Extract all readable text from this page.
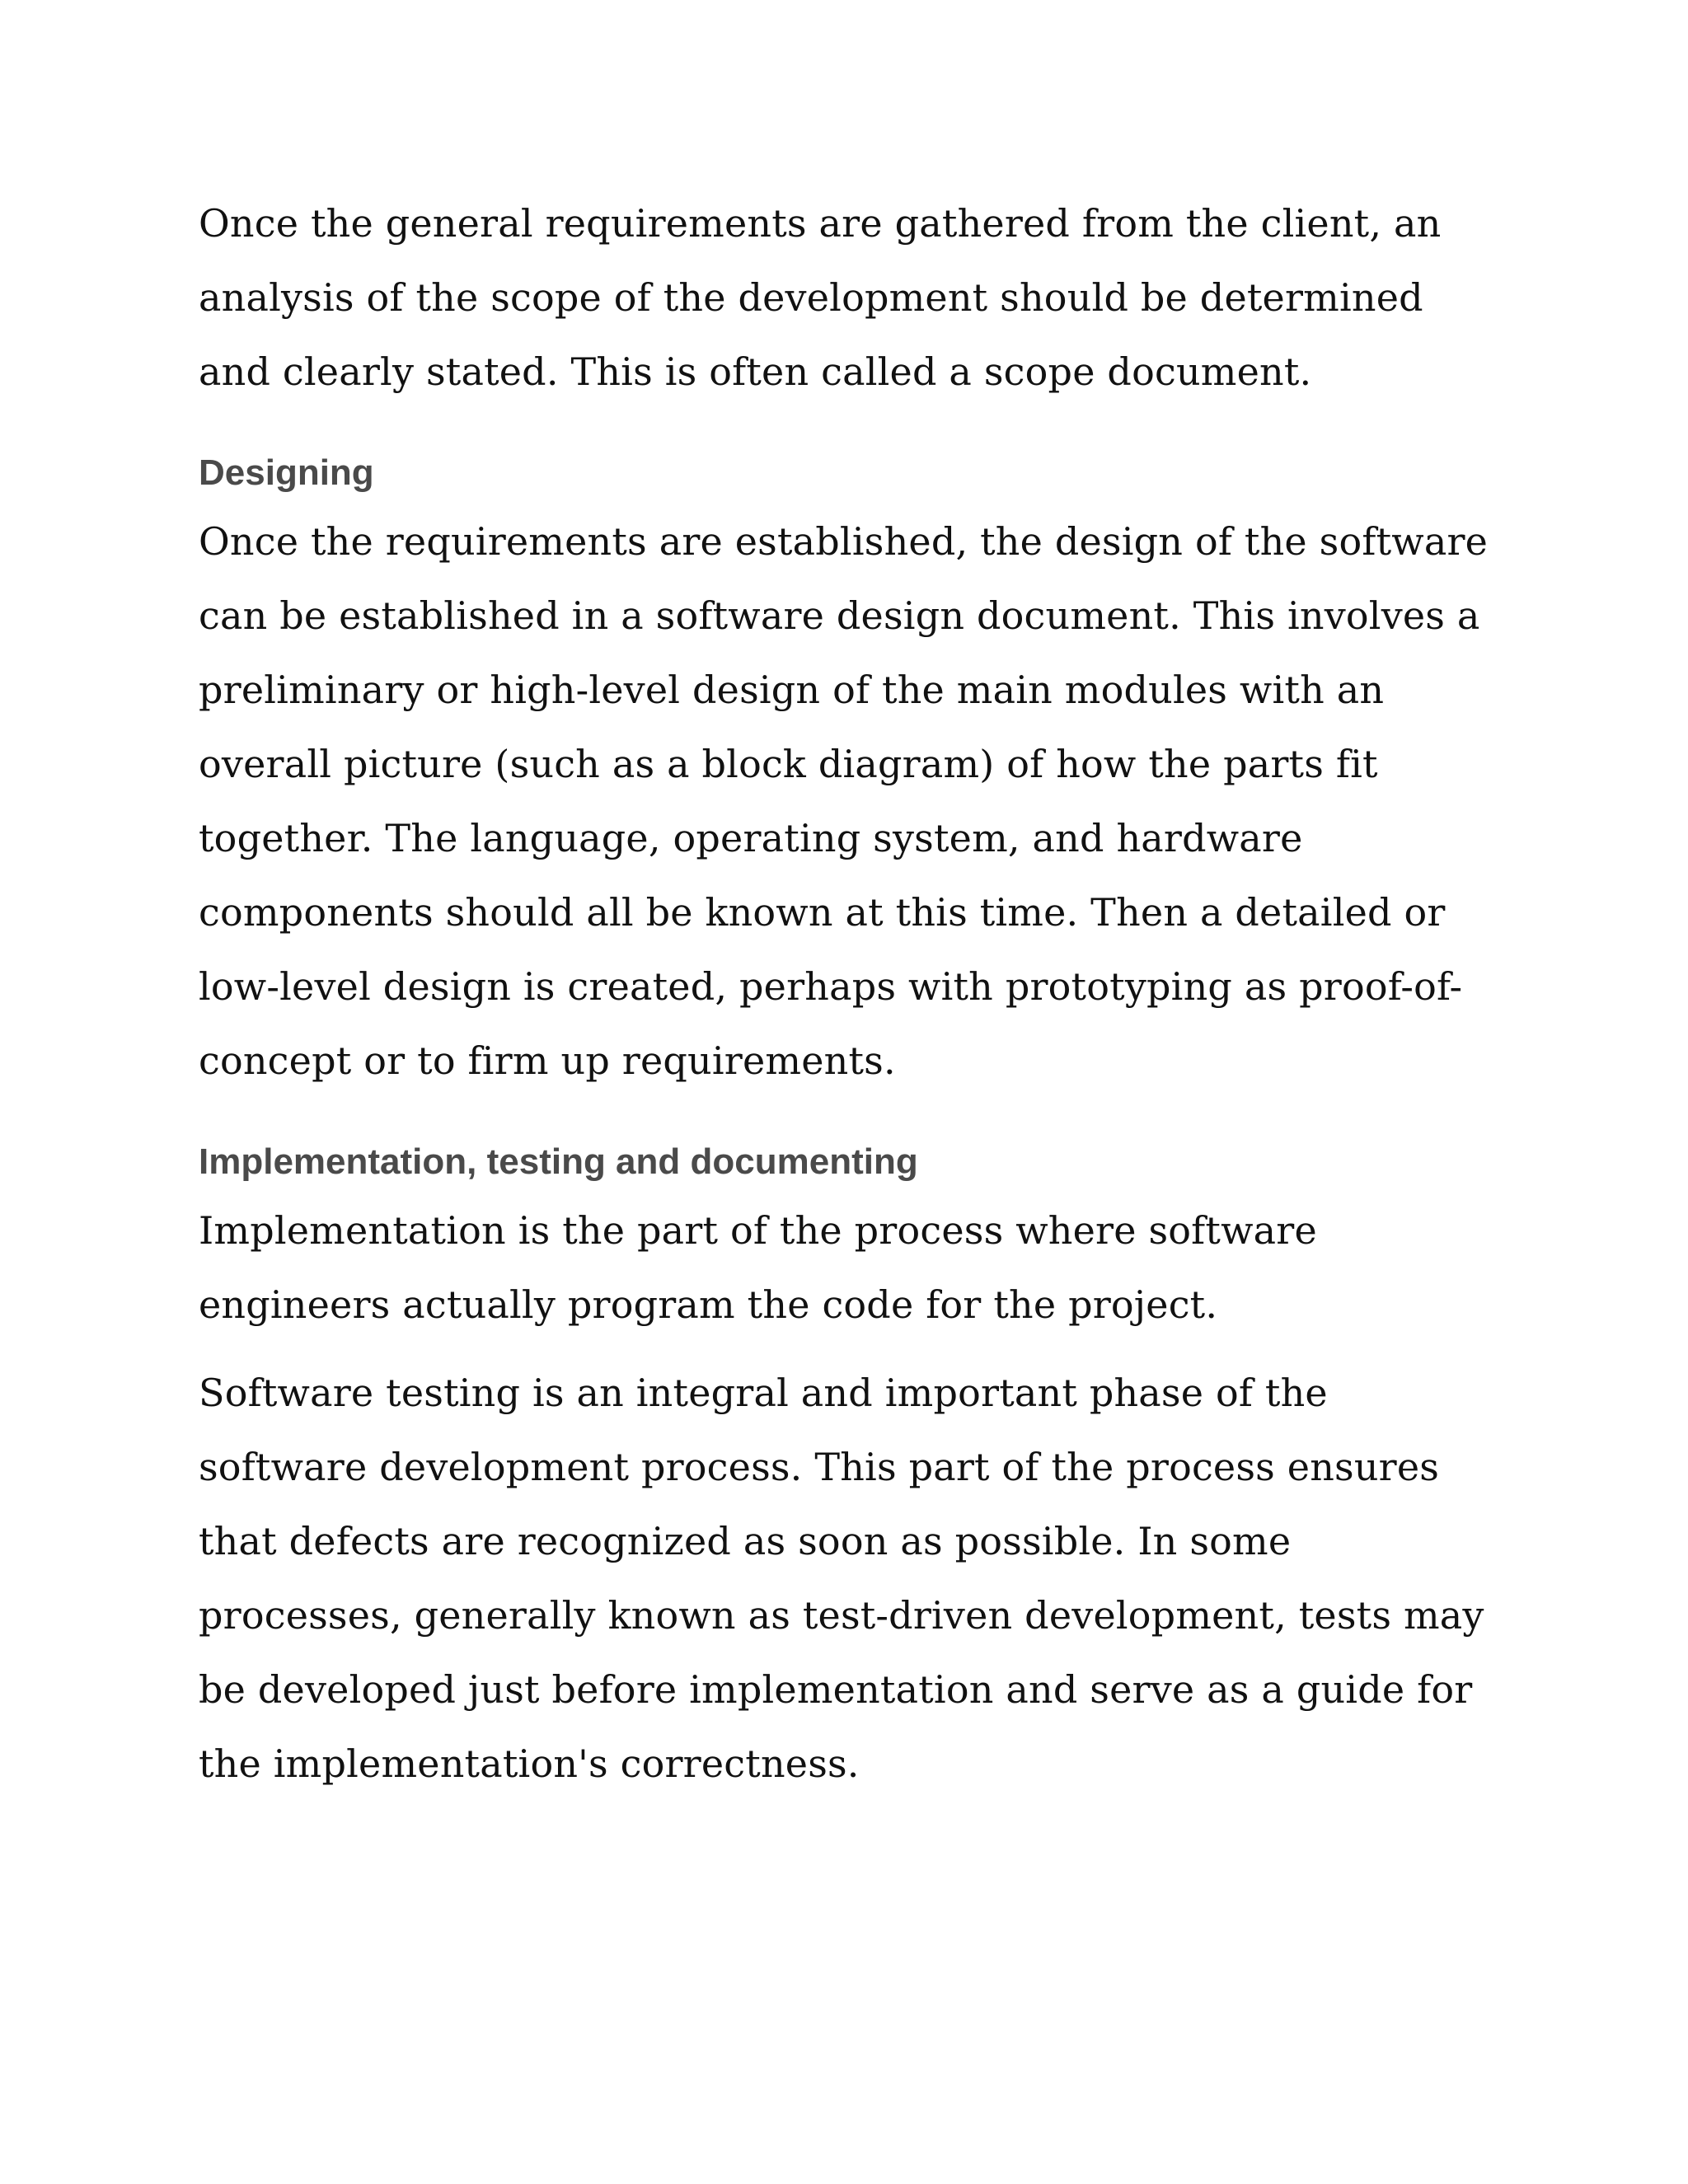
Once the general requirements are gathered from the client, an analysis of the scope of the development should be determined and clearly stated. This is often called a scope document.

Designing

Once the requirements are established, the design of the software can be established in a software design document. This involves a preliminary or high-level design of the main modules with an overall picture (such as a block diagram) of how the parts fit together. The language, operating system, and hardware components should all be known at this time. Then a detailed or low-level design is created, perhaps with prototyping as proof-of-concept or to firm up requirements.

Implementation, testing and documenting

Implementation is the part of the process where software engineers actually program the code for the project.

Software testing is an integral and important phase of the software development process. This part of the process ensures that defects are recognized as soon as possible. In some processes, generally known as test-driven development, tests may be developed just before implementation and serve as a guide for the implementation's correctness.
